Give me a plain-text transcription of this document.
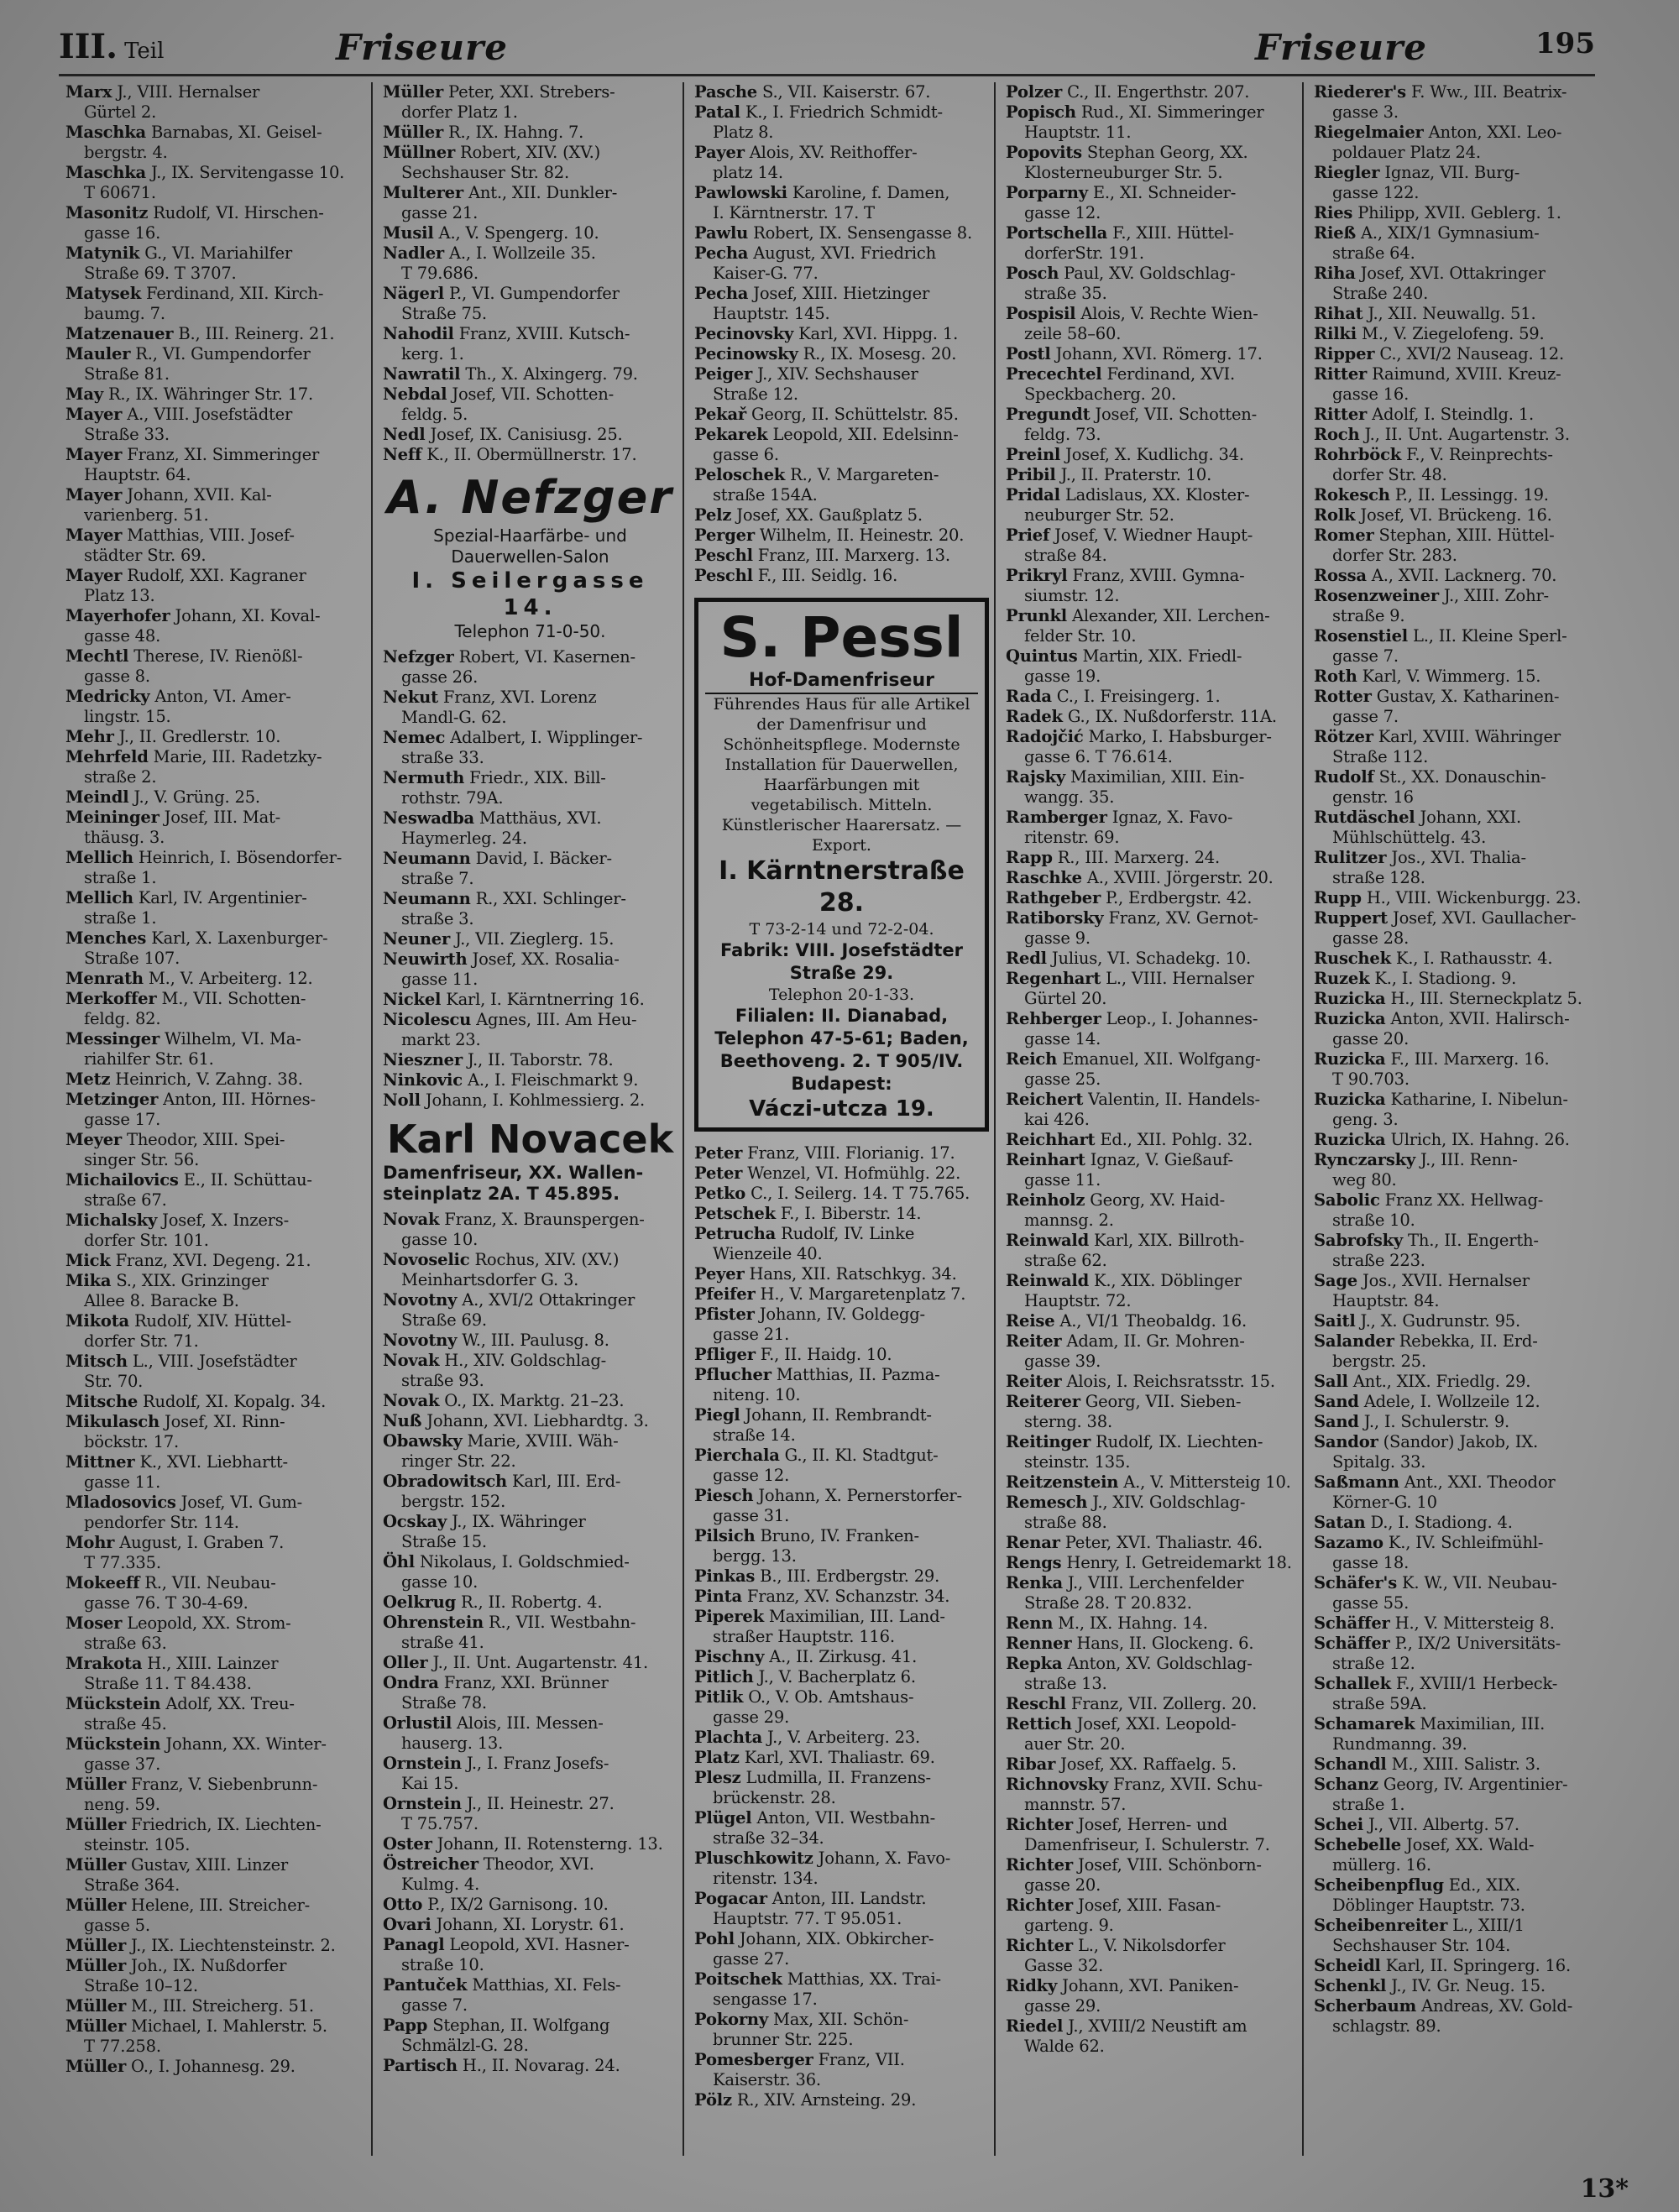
III. Teil	Friseure	Friseure	195
Marx J., VIII. Hernalser
Gürtel 2.
Maschka Barnabas, XI. Geisel-
bergstr. 4.
Maschka J., IX. Servitengasse 10.
T 60671.
Masonitz Rudolf, VI. Hirschen-
gasse 16.
Matynik G., VI. Mariahilfer
Straße 69. T 3707.
Matysek Ferdinand, XII. Kirch-
baumg. 7.
Matzenauer B., III. Reinerg. 21.
Mauler R., VI. Gumpendorfer
Straße 81.
May R., IX. Währinger Str. 17.
Mayer A., VIII. Josefstädter
Straße 33.
Mayer Franz, XI. Simmeringer
Hauptstr. 64.
Mayer Johann, XVII. Kal-
varienberg. 51.
Mayer Matthias, VIII. Josef-
städter Str. 69.
Mayer Rudolf, XXI. Kagraner
Platz 13.
Mayerhofer Johann, XI. Koval-
gasse 48.
Mechtl Therese, IV. Rienößl-
gasse 8.
Medricky Anton, VI. Amer-
lingstr. 15.
Mehr J., II. Gredlerstr. 10.
Mehrfeld Marie, III. Radetzky-
straße 2.
Meindl J., V. Grüng. 25.
Meininger Josef, III. Mat-
thäusg. 3.
Mellich Heinrich, I. Bösendorfer-
straße 1.
Mellich Karl, IV. Argentinier-
straße 1.
Menches Karl, X. Laxenburger-
Straße 107.
Menrath M., V. Arbeiterg. 12.
Merkoffer M., VII. Schotten-
feldg. 82.
Messinger Wilhelm, VI. Ma-
riahilfer Str. 61.
Metz Heinrich, V. Zahng. 38.
Metzinger Anton, III. Hörnes-
gasse 17.
Meyer Theodor, XIII. Spei-
singer Str. 56.
Michailovics E., II. Schüttau-
straße 67.
Michalsky Josef, X. Inzers-
dorfer Str. 101.
Mick Franz, XVI. Degeng. 21.
Mika S., XIX. Grinzinger
Allee 8. Baracke B.
Mikota Rudolf, XIV. Hüttel-
dorfer Str. 71.
Mitsch L., VIII. Josefstädter
Str. 70.
Mitsche Rudolf, XI. Kopalg. 34.
Mikulasch Josef, XI. Rinn-
böckstr. 17.
Mittner K., XVI. Liebhartt-
gasse 11.
Mladosovics Josef, VI. Gum-
pendorfer Str. 114.
Mohr August, I. Graben 7.
T 77.335.
Mokeeff R., VII. Neubau-
gasse 76. T 30-4-69.
Moser Leopold, XX. Strom-
straße 63.
Mrakota H., XIII. Lainzer
Straße 11. T 84.438.
Mückstein Adolf, XX. Treu-
straße 45.
Mückstein Johann, XX. Winter-
gasse 37.
Müller Franz, V. Siebenbrunn-
neng. 59.
Müller Friedrich, IX. Liechten-
steinstr. 105.
Müller Gustav, XIII. Linzer
Straße 364.
Müller Helene, III. Streicher-
gasse 5.
Müller J., IX. Liechtensteinstr. 2.
Müller Joh., IX. Nußdorfer
Straße 10–12.
Müller M., III. Streicherg. 51.
Müller Michael, I. Mahlerstr. 5.
T 77.258.
Müller O., I. Johannesg. 29.
Müller Peter, XXI. Strebers-
dorfer Platz 1.
Müller R., IX. Hahng. 7.
Müllner Robert, XIV. (XV.)
Sechshauser Str. 82.
Multerer Ant., XII. Dunkler-
gasse 21.
Musil A., V. Spengerg. 10.
Nadler A., I. Wollzeile 35.
T 79.686.
Nägerl P., VI. Gumpendorfer
Straße 75.
Nahodil Franz, XVIII. Kutsch-
kerg. 1.
Nawratil Th., X. Alxingerg. 79.
Nebdal Josef, VII. Schotten-
feldg. 5.
Nedl Josef, IX. Canisiusg. 25.
Neff K., II. Obermüllnerstr. 17.
A. Nefzger
Spezial-Haarfärbe- und
Dauerwellen-Salon
I. Seilergasse 14.
Telephon 71-0-50.
Nefzger Robert, VI. Kasernen-
gasse 26.
Nekut Franz, XVI. Lorenz
Mandl-G. 62.
Nemec Adalbert, I. Wipplinger-
straße 33.
Nermuth Friedr., XIX. Bill-
rothstr. 79A.
Neswadba Matthäus, XVI.
Haymerleg. 24.
Neumann David, I. Bäcker-
straße 7.
Neumann R., XXI. Schlinger-
straße 3.
Neuner J., VII. Zieglerg. 15.
Neuwirth Josef, XX. Rosalia-
gasse 11.
Nickel Karl, I. Kärntnerring 16.
Nicolescu Agnes, III. Am Heu-
markt 23.
Nieszner J., II. Taborstr. 78.
Ninkovic A., I. Fleischmarkt 9.
Noll Johann, I. Kohlmessierg. 2.
Karl Novacek
Damenfriseur, XX. Wallen-
steinplatz 2A. T 45.895.
Novak Franz, X. Braunspergen-
gasse 10.
Novoselic Rochus, XIV. (XV.)
Meinhartsdorfer G. 3.
Novotny A., XVI/2 Ottakringer
Straße 69.
Novotny W., III. Paulusg. 8.
Novak H., XIV. Goldschlag-
straße 93.
Novak O., IX. Marktg. 21–23.
Nuß Johann, XVI. Liebhardtg. 3.
Obawsky Marie, XVIII. Wäh-
ringer Str. 22.
Obradowitsch Karl, III. Erd-
bergstr. 152.
Ocskay J., IX. Währinger
Straße 15.
Öhl Nikolaus, I. Goldschmied-
gasse 10.
Oelkrug R., II. Robertg. 4.
Ohrenstein R., VII. Westbahn-
straße 41.
Oller J., II. Unt. Augartenstr. 41.
Ondra Franz, XXI. Brünner
Straße 78.
Orlustil Alois, III. Messen-
hauserg. 13.
Ornstein J., I. Franz Josefs-
Kai 15.
Ornstein J., II. Heinestr. 27.
T 75.757.
Oster Johann, II. Rotensterng. 13.
Östreicher Theodor, XVI.
Kulmg. 4.
Otto P., IX/2 Garnisong. 10.
Ovari Johann, XI. Lorystr. 61.
Panagl Leopold, XVI. Hasner-
straße 10.
Pantuček Matthias, XI. Fels-
gasse 7.
Papp Stephan, II. Wolfgang
Schmälzl-G. 28.
Partisch H., II. Novarag. 24.
Pasche S., VII. Kaiserstr. 67.
Patal K., I. Friedrich Schmidt-
Platz 8.
Payer Alois, XV. Reithoffer-
platz 14.
Pawlowski Karoline, f. Damen,
I. Kärntnerstr. 17. T
Pawlu Robert, IX. Sensengasse 8.
Pecha August, XVI. Friedrich
Kaiser-G. 77.
Pecha Josef, XIII. Hietzinger
Hauptstr. 145.
Pecinovsky Karl, XVI. Hippg. 1.
Pecinowsky R., IX. Mosesg. 20.
Peiger J., XIV. Sechshauser
Straße 12.
Pekař Georg, II. Schüttelstr. 85.
Pekarek Leopold, XII. Edelsinn-
gasse 6.
Peloschek R., V. Margareten-
straße 154A.
Pelz Josef, XX. Gaußplatz 5.
Perger Wilhelm, II. Heinestr. 20.
Peschl Franz, III. Marxerg. 13.
Peschl F., III. Seidlg. 16.
S. Pessl
Hof-Damenfriseur
Führendes Haus für alle Artikel der Damenfrisur und Schönheitspflege. Modernste Installation für Dauerwellen, Haarfärbungen mit vegetabilisch. Mitteln. Künstlerischer Haarersatz. — Export.
I. Kärntnerstraße 28.
T 73-2-14 und 72-2-04.
Fabrik: VIII. Josefstädter Straße 29.
Telephon 20-1-33.
Filialen: II. Dianabad,
Telephon 47-5-61; Baden,
Beethoveng. 2. T 905/IV.
Budapest:
Váczi-utcza 19.
Peter Franz, VIII. Florianig. 17.
Peter Wenzel, VI. Hofmühlg. 22.
Petko C., I. Seilerg. 14. T 75.765.
Petschek F., I. Biberstr. 14.
Petrucha Rudolf, IV. Linke
Wienzeile 40.
Peyer Hans, XII. Ratschkyg. 34.
Pfeifer H., V. Margaretenplatz 7.
Pfister Johann, IV. Goldegg-
gasse 21.
Pfliger F., II. Haidg. 10.
Pflucher Matthias, II. Pazma-
niteng. 10.
Piegl Johann, II. Rembrandt-
straße 14.
Pierchala G., II. Kl. Stadtgut-
gasse 12.
Piesch Johann, X. Pernerstorfer-
gasse 31.
Pilsich Bruno, IV. Franken-
bergg. 13.
Pinkas B., III. Erdbergstr. 29.
Pinta Franz, XV. Schanzstr. 34.
Piperek Maximilian, III. Land-
straßer Hauptstr. 116.
Pischny A., II. Zirkusg. 41.
Pitlich J., V. Bacherplatz 6.
Pitlik O., V. Ob. Amtshaus-
gasse 29.
Plachta J., V. Arbeiterg. 23.
Platz Karl, XVI. Thaliastr. 69.
Plesz Ludmilla, II. Franzens-
brückenstr. 28.
Plügel Anton, VII. Westbahn-
straße 32–34.
Pluschkowitz Johann, X. Favo-
ritenstr. 134.
Pogacar Anton, III. Landstr.
Hauptstr. 77. T 95.051.
Pohl Johann, XIX. Obkircher-
gasse 27.
Poitschek Matthias, XX. Trai-
sengasse 17.
Pokorny Max, XII. Schön-
brunner Str. 225.
Pomesberger Franz, VII.
Kaiserstr. 36.
Pölz R., XIV. Arnsteing. 29.
Polzer C., II. Engerthstr. 207.
Popisch Rud., XI. Simmeringer
Hauptstr. 11.
Popovits Stephan Georg, XX.
Klosterneuburger Str. 5.
Porparny E., XI. Schneider-
gasse 12.
Portschella F., XIII. Hüttel-
dorferStr. 191.
Posch Paul, XV. Goldschlag-
straße 35.
Pospisil Alois, V. Rechte Wien-
zeile 58–60.
Postl Johann, XVI. Römerg. 17.
Precechtel Ferdinand, XVI.
Speckbacherg. 20.
Pregundt Josef, VII. Schotten-
feldg. 73.
Preinl Josef, X. Kudlichg. 34.
Pribil J., II. Praterstr. 10.
Pridal Ladislaus, XX. Kloster-
neuburger Str. 52.
Prief Josef, V. Wiedner Haupt-
straße 84.
Prikryl Franz, XVIII. Gymna-
siumstr. 12.
Prunkl Alexander, XII. Lerchen-
felder Str. 10.
Quintus Martin, XIX. Friedl-
gasse 19.
Rada C., I. Freisingerg. 1.
Radek G., IX. Nußdorferstr. 11A.
Radojčić Marko, I. Habsburger-
gasse 6. T 76.614.
Rajsky Maximilian, XIII. Ein-
wangg. 35.
Ramberger Ignaz, X. Favo-
ritenstr. 69.
Rapp R., III. Marxerg. 24.
Raschke A., XVIII. Jörgerstr. 20.
Rathgeber P., Erdbergstr. 42.
Ratiborsky Franz, XV. Gernot-
gasse 9.
Redl Julius, VI. Schadekg. 10.
Regenhart L., VIII. Hernalser
Gürtel 20.
Rehberger Leop., I. Johannes-
gasse 14.
Reich Emanuel, XII. Wolfgang-
gasse 25.
Reichert Valentin, II. Handels-
kai 426.
Reichhart Ed., XII. Pohlg. 32.
Reinhart Ignaz, V. Gießauf-
gasse 11.
Reinholz Georg, XV. Haid-
mannsg. 2.
Reinwald Karl, XIX. Billroth-
straße 62.
Reinwald K., XIX. Döblinger
Hauptstr. 72.
Reise A., VI/1 Theobaldg. 16.
Reiter Adam, II. Gr. Mohren-
gasse 39.
Reiter Alois, I. Reichsratsstr. 15.
Reiterer Georg, VII. Sieben-
sterng. 38.
Reitinger Rudolf, IX. Liechten-
steinstr. 135.
Reitzenstein A., V. Mittersteig 10.
Remesch J., XIV. Goldschlag-
straße 88.
Renar Peter, XVI. Thaliastr. 46.
Rengs Henry, I. Getreidemarkt 18.
Renka J., VIII. Lerchenfelder
Straße 28. T 20.832.
Renn M., IX. Hahng. 14.
Renner Hans, II. Glockeng. 6.
Repka Anton, XV. Goldschlag-
straße 13.
Reschl Franz, VII. Zollerg. 20.
Rettich Josef, XXI. Leopold-
auer Str. 20.
Ribar Josef, XX. Raffaelg. 5.
Richnovsky Franz, XVII. Schu-
mannstr. 57.
Richter Josef, Herren- und
Damenfriseur, I. Schulerstr. 7.
Richter Josef, VIII. Schönborn-
gasse 20.
Richter Josef, XIII. Fasan-
garteng. 9.
Richter L., V. Nikolsdorfer
Gasse 32.
Ridky Johann, XVI. Paniken-
gasse 29.
Riedel J., XVIII/2 Neustift am
Walde 62.
Riederer's F. Ww., III. Beatrix-
gasse 3.
Riegelmaier Anton, XXI. Leo-
poldauer Platz 24.
Riegler Ignaz, VII. Burg-
gasse 122.
Ries Philipp, XVII. Geblerg. 1.
Rieß A., XIX/1 Gymnasium-
straße 64.
Riha Josef, XVI. Ottakringer
Straße 240.
Rihat J., XII. Neuwallg. 51.
Rilki M., V. Ziegelofeng. 59.
Ripper C., XVI/2 Nauseag. 12.
Ritter Raimund, XVIII. Kreuz-
gasse 16.
Ritter Adolf, I. Steindlg. 1.
Roch J., II. Unt. Augartenstr. 3.
Rohrböck F., V. Reinprechts-
dorfer Str. 48.
Rokesch P., II. Lessingg. 19.
Rolk Josef, VI. Brückeng. 16.
Romer Stephan, XIII. Hüttel-
dorfer Str. 283.
Rossa A., XVII. Lacknerg. 70.
Rosenzweiner J., XIII. Zohr-
straße 9.
Rosenstiel L., II. Kleine Sperl-
gasse 7.
Roth Karl, V. Wimmerg. 15.
Rotter Gustav, X. Katharinen-
gasse 7.
Rötzer Karl, XVIII. Währinger
Straße 112.
Rudolf St., XX. Donauschin-
genstr. 16
Rutdäschel Johann, XXI.
Mühlschüttelg. 43.
Rulitzer Jos., XVI. Thalia-
straße 128.
Rupp H., VIII. Wickenburgg. 23.
Ruppert Josef, XVI. Gaullacher-
gasse 28.
Ruschek K., I. Rathausstr. 4.
Ruzek K., I. Stadiong. 9.
Ruzicka H., III. Sterneckplatz 5.
Ruzicka Anton, XVII. Halirsch-
gasse 20.
Ruzicka F., III. Marxerg. 16.
T 90.703.
Ruzicka Katharine, I. Nibelun-
geng. 3.
Ruzicka Ulrich, IX. Hahng. 26.
Rynczarsky J., III. Renn-
weg 80.
Sabolic Franz XX. Hellwag-
straße 10.
Sabrofsky Th., II. Engerth-
straße 223.
Sage Jos., XVII. Hernalser
Hauptstr. 84.
Saitl J., X. Gudrunstr. 95.
Salander Rebekka, II. Erd-
bergstr. 25.
Sall Ant., XIX. Friedlg. 29.
Sand Adele, I. Wollzeile 12.
Sand J., I. Schulerstr. 9.
Sandor (Sandor) Jakob, IX.
Spitalg. 33.
Saßmann Ant., XXI. Theodor
Körner-G. 10
Satan D., I. Stadiong. 4.
Sazamo K., IV. Schleifmühl-
gasse 18.
Schäfer's K. W., VII. Neubau-
gasse 55.
Schäffer H., V. Mittersteig 8.
Schäffer P., IX/2 Universitäts-
straße 12.
Schallek F., XVIII/1 Herbeck-
straße 59A.
Schamarek Maximilian, III.
Rundmanng. 39.
Schandl M., XIII. Salistr. 3.
Schanz Georg, IV. Argentinier-
straße 1.
Schei J., VII. Albertg. 57.
Schebelle Josef, XX. Wald-
müllerg. 16.
Scheibenpflug Ed., XIX.
Döblinger Hauptstr. 73.
Scheibenreiter L., XIII/1
Sechshauser Str. 104.
Scheidl Karl, II. Springerg. 16.
Schenkl J., IV. Gr. Neug. 15.
Scherbaum Andreas, XV. Gold-
schlagstr. 89.
13*
